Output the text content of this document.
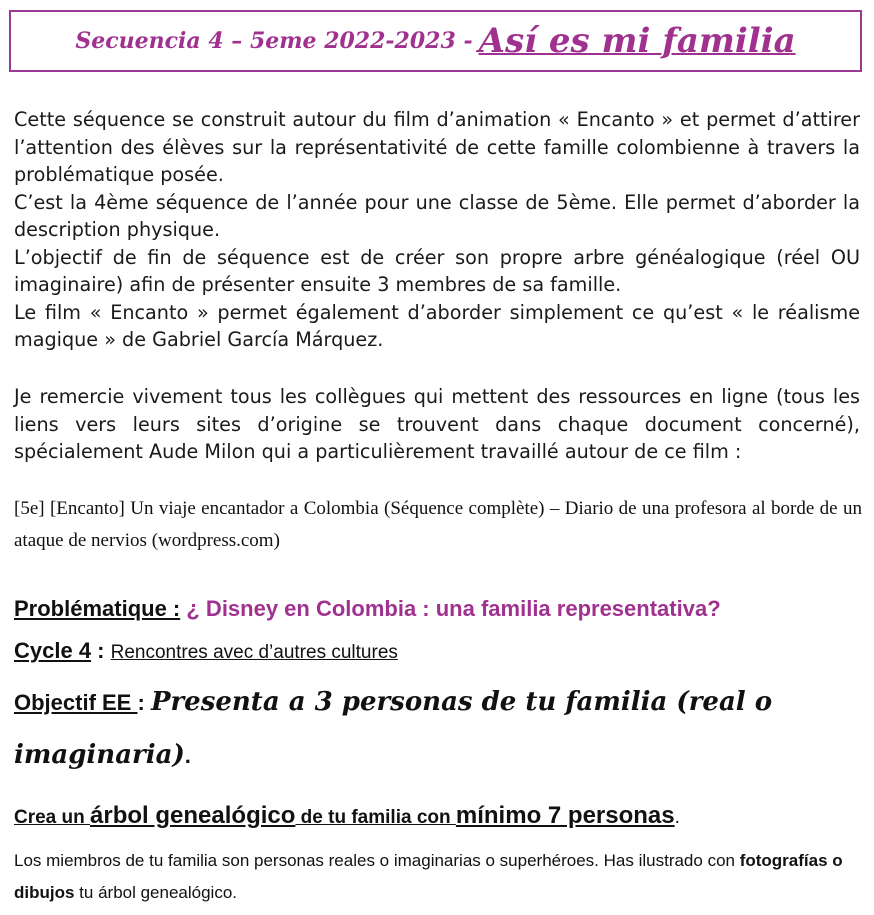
Secuencia 4 – 5eme 2022-2023 - Así es mi familia

Cette séquence se construit autour du film d’animation « Encanto » et permet d’attirer l’attention des élèves sur la représentativité de cette famille colombienne à travers la problématique posée.

C’est la 4ème séquence de l’année pour une classe de 5ème. Elle permet d’aborder la description physique.

L’objectif de fin de séquence est de créer son propre arbre généalogique (réel OU imaginaire) afin de présenter ensuite 3 membres de sa famille.

Le film « Encanto » permet également d’aborder simplement ce qu’est « le réalisme magique » de Gabriel García Márquez.

Je remercie vivement tous les collègues qui mettent des ressources en ligne (tous les liens vers leurs sites d’origine se trouvent dans chaque document concerné), spécialement Aude Milon qui a particulièrement travaillé autour de ce film :

[5e] [Encanto] Un viaje encantador a Colombia (Séquence complète) – Diario de una profesora al borde de un ataque de nervios (wordpress.com)
Problématique : ¿ Disney en Colombia : una familia representativa?
Cycle 4 : Rencontres avec d’autres cultures
Objectif EE : Presenta a 3 personas de tu familia (real o imaginaria).
Crea un árbol genealógico de tu familia con mínimo 7 personas.
Los miembros de tu familia son personas reales o imaginarias o superhéroes. Has ilustrado con fotografías o dibujos tu árbol genealógico.
